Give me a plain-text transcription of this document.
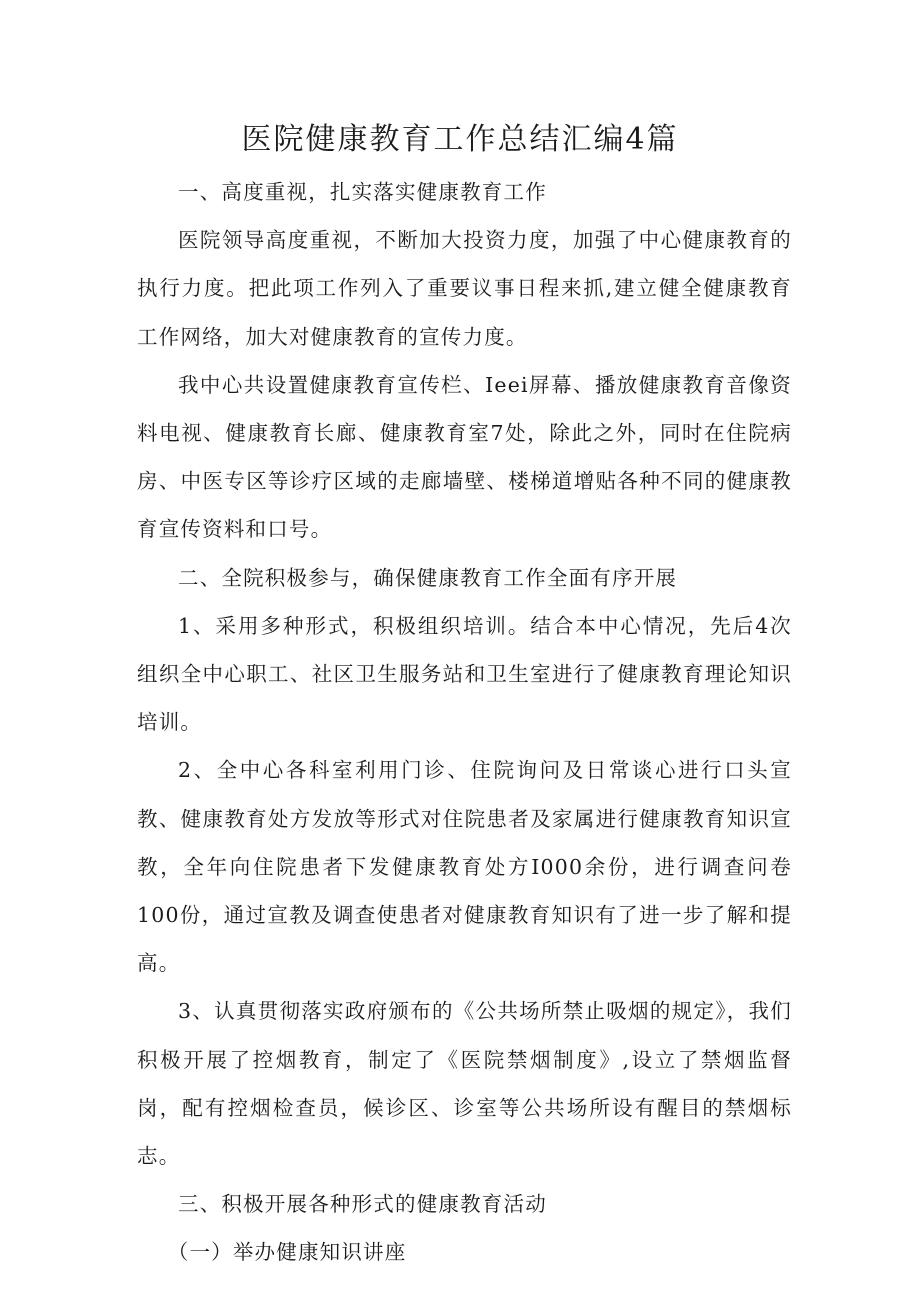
医院健康教育工作总结汇编4篇

一、高度重视，扎实落实健康教育工作

医院领导高度重视，不断加大投资力度，加强了中心健康教育的执行力度。把此项工作列入了重要议事日程来抓,建立健全健康教育工作网络，加大对健康教育的宣传力度。

我中心共设置健康教育宣传栏、Ieei屏幕、播放健康教育音像资料电视、健康教育长廊、健康教育室7处，除此之外，同时在住院病房、中医专区等诊疗区域的走廊墙壁、楼梯道增贴各种不同的健康教育宣传资料和口号。

二、全院积极参与，确保健康教育工作全面有序开展

1、采用多种形式，积极组织培训。结合本中心情况，先后4次组织全中心职工、社区卫生服务站和卫生室进行了健康教育理论知识培训。

2、全中心各科室利用门诊、住院询问及日常谈心进行口头宣教、健康教育处方发放等形式对住院患者及家属进行健康教育知识宣教，全年向住院患者下发健康教育处方I000余份，进行调查问卷100份，通过宣教及调查使患者对健康教育知识有了进一步了解和提高。

3、认真贯彻落实政府颁布的《公共场所禁止吸烟的规定》，我们积极开展了控烟教育，制定了《医院禁烟制度》,设立了禁烟监督岗，配有控烟检查员，候诊区、诊室等公共场所设有醒目的禁烟标志。

三、积极开展各种形式的健康教育活动

（一）举办健康知识讲座
